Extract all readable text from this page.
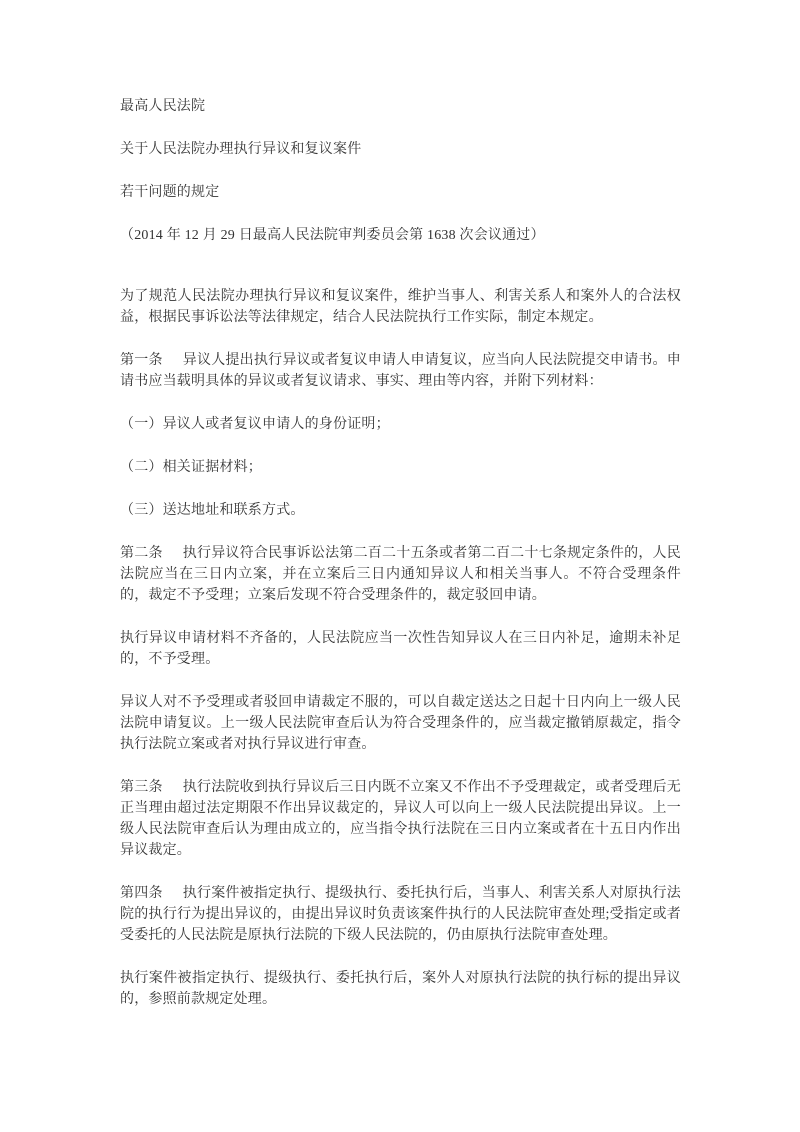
最高人民法院

关于人民法院办理执行异议和复议案件

若干问题的规定

（2014 年 12 月 29 日最高人民法院审判委员会第 1638 次会议通过）

为了规范人民法院办理执行异议和复议案件，维护当事人、利害关系人和案外人的合法权益，根据民事诉讼法等法律规定，结合人民法院执行工作实际，制定本规定。

第一条 异议人提出执行异议或者复议申请人申请复议，应当向人民法院提交申请书。申请书应当载明具体的异议或者复议请求、事实、理由等内容，并附下列材料：

（一）异议人或者复议申请人的身份证明；

（二）相关证据材料；

（三）送达地址和联系方式。

第二条 执行异议符合民事诉讼法第二百二十五条或者第二百二十七条规定条件的，人民法院应当在三日内立案，并在立案后三日内通知异议人和相关当事人。不符合受理条件的，裁定不予受理；立案后发现不符合受理条件的，裁定驳回申请。

执行异议申请材料不齐备的，人民法院应当一次性告知异议人在三日内补足，逾期未补足的，不予受理。

异议人对不予受理或者驳回申请裁定不服的，可以自裁定送达之日起十日内向上一级人民法院申请复议。上一级人民法院审查后认为符合受理条件的，应当裁定撤销原裁定，指令执行法院立案或者对执行异议进行审查。

第三条 执行法院收到执行异议后三日内既不立案又不作出不予受理裁定，或者受理后无正当理由超过法定期限不作出异议裁定的，异议人可以向上一级人民法院提出异议。上一级人民法院审查后认为理由成立的，应当指令执行法院在三日内立案或者在十五日内作出异议裁定。

第四条 执行案件被指定执行、提级执行、委托执行后，当事人、利害关系人对原执行法院的执行行为提出异议的，由提出异议时负责该案件执行的人民法院审查处理;受指定或者受委托的人民法院是原执行法院的下级人民法院的，仍由原执行法院审查处理。

执行案件被指定执行、提级执行、委托执行后，案外人对原执行法院的执行标的提出异议的，参照前款规定处理。
